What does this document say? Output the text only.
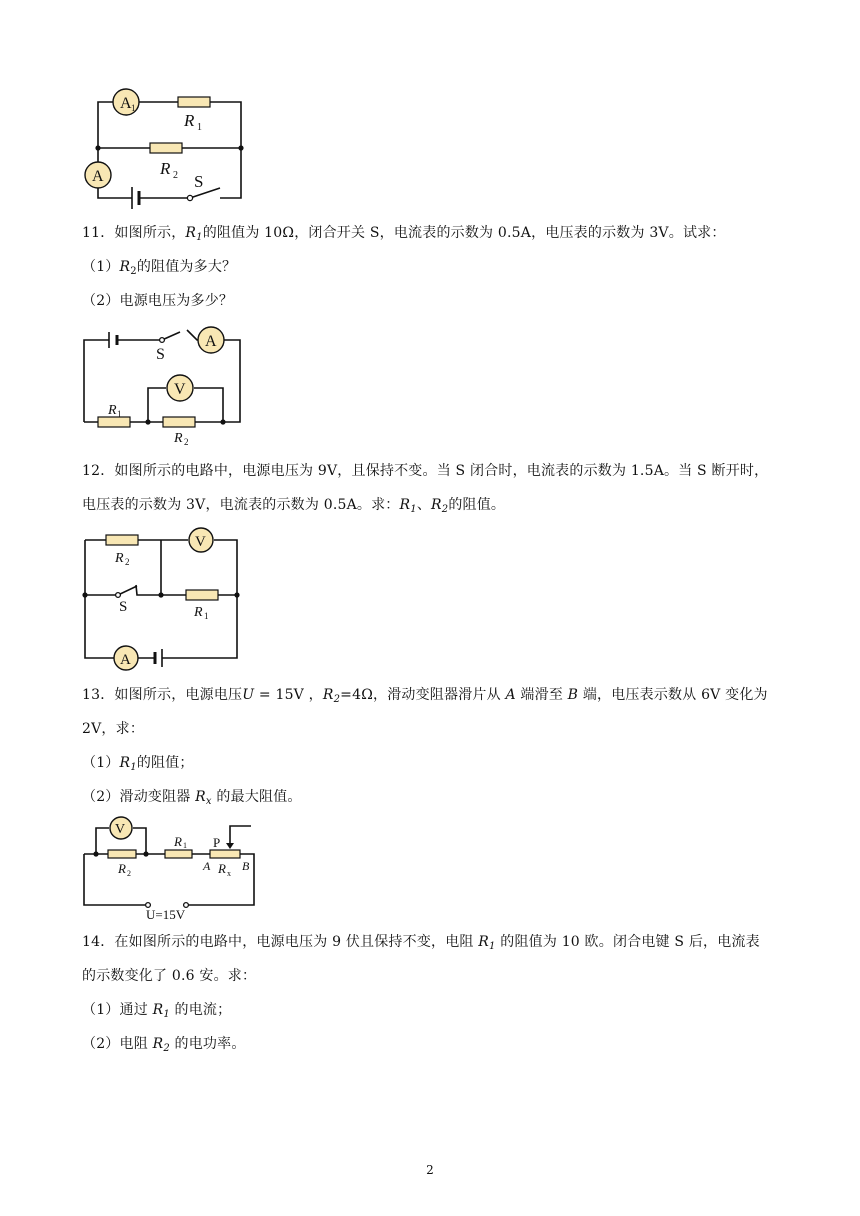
A 1
A
R 1
R 2 S
11．如图所示，$R_1$的阻值为 10Ω，闭合开关 S，电流表的示数为 0.5A，电压表的示数为 3V。试求：
$(1)R_2$的阻值为多大？
（2）电源电压为多少？
S
A
V
R 1
R 2
12．如图所示的电路中，电源电压为 9V，且保持不变。当 S 闭合时，电流表的示数为 1.5A。当 S 断开时，
电压表的示数为 3V，电流表的示数为 0.5A。求：$R_1$、$R_2$的阻值。
R 2
V
S	R 1
A
13．如图所示，电源电压U = 15V ，$R_2=4\Omega$，滑动变阻器滑片从 A 端滑至 B 端，电压表示数从 6V 变化为
2V，求：
$(1)R_1$的阻值；
（2）滑动变阻器 $R_x$ 的最大阻值。
V
R 2
R 1 P
A R x
B
U=15V
14．在如图所示的电路中，电源电压为 9 伏且保持不变，电阻 $R_1$ 的阻值为 10 欧。闭合电键 S 后，电流表
的示数变化了 0.6 安。求：
（1）通过 $R_1$ 的电流；
（2）电阻 $R_2$ 的电功率。
2
